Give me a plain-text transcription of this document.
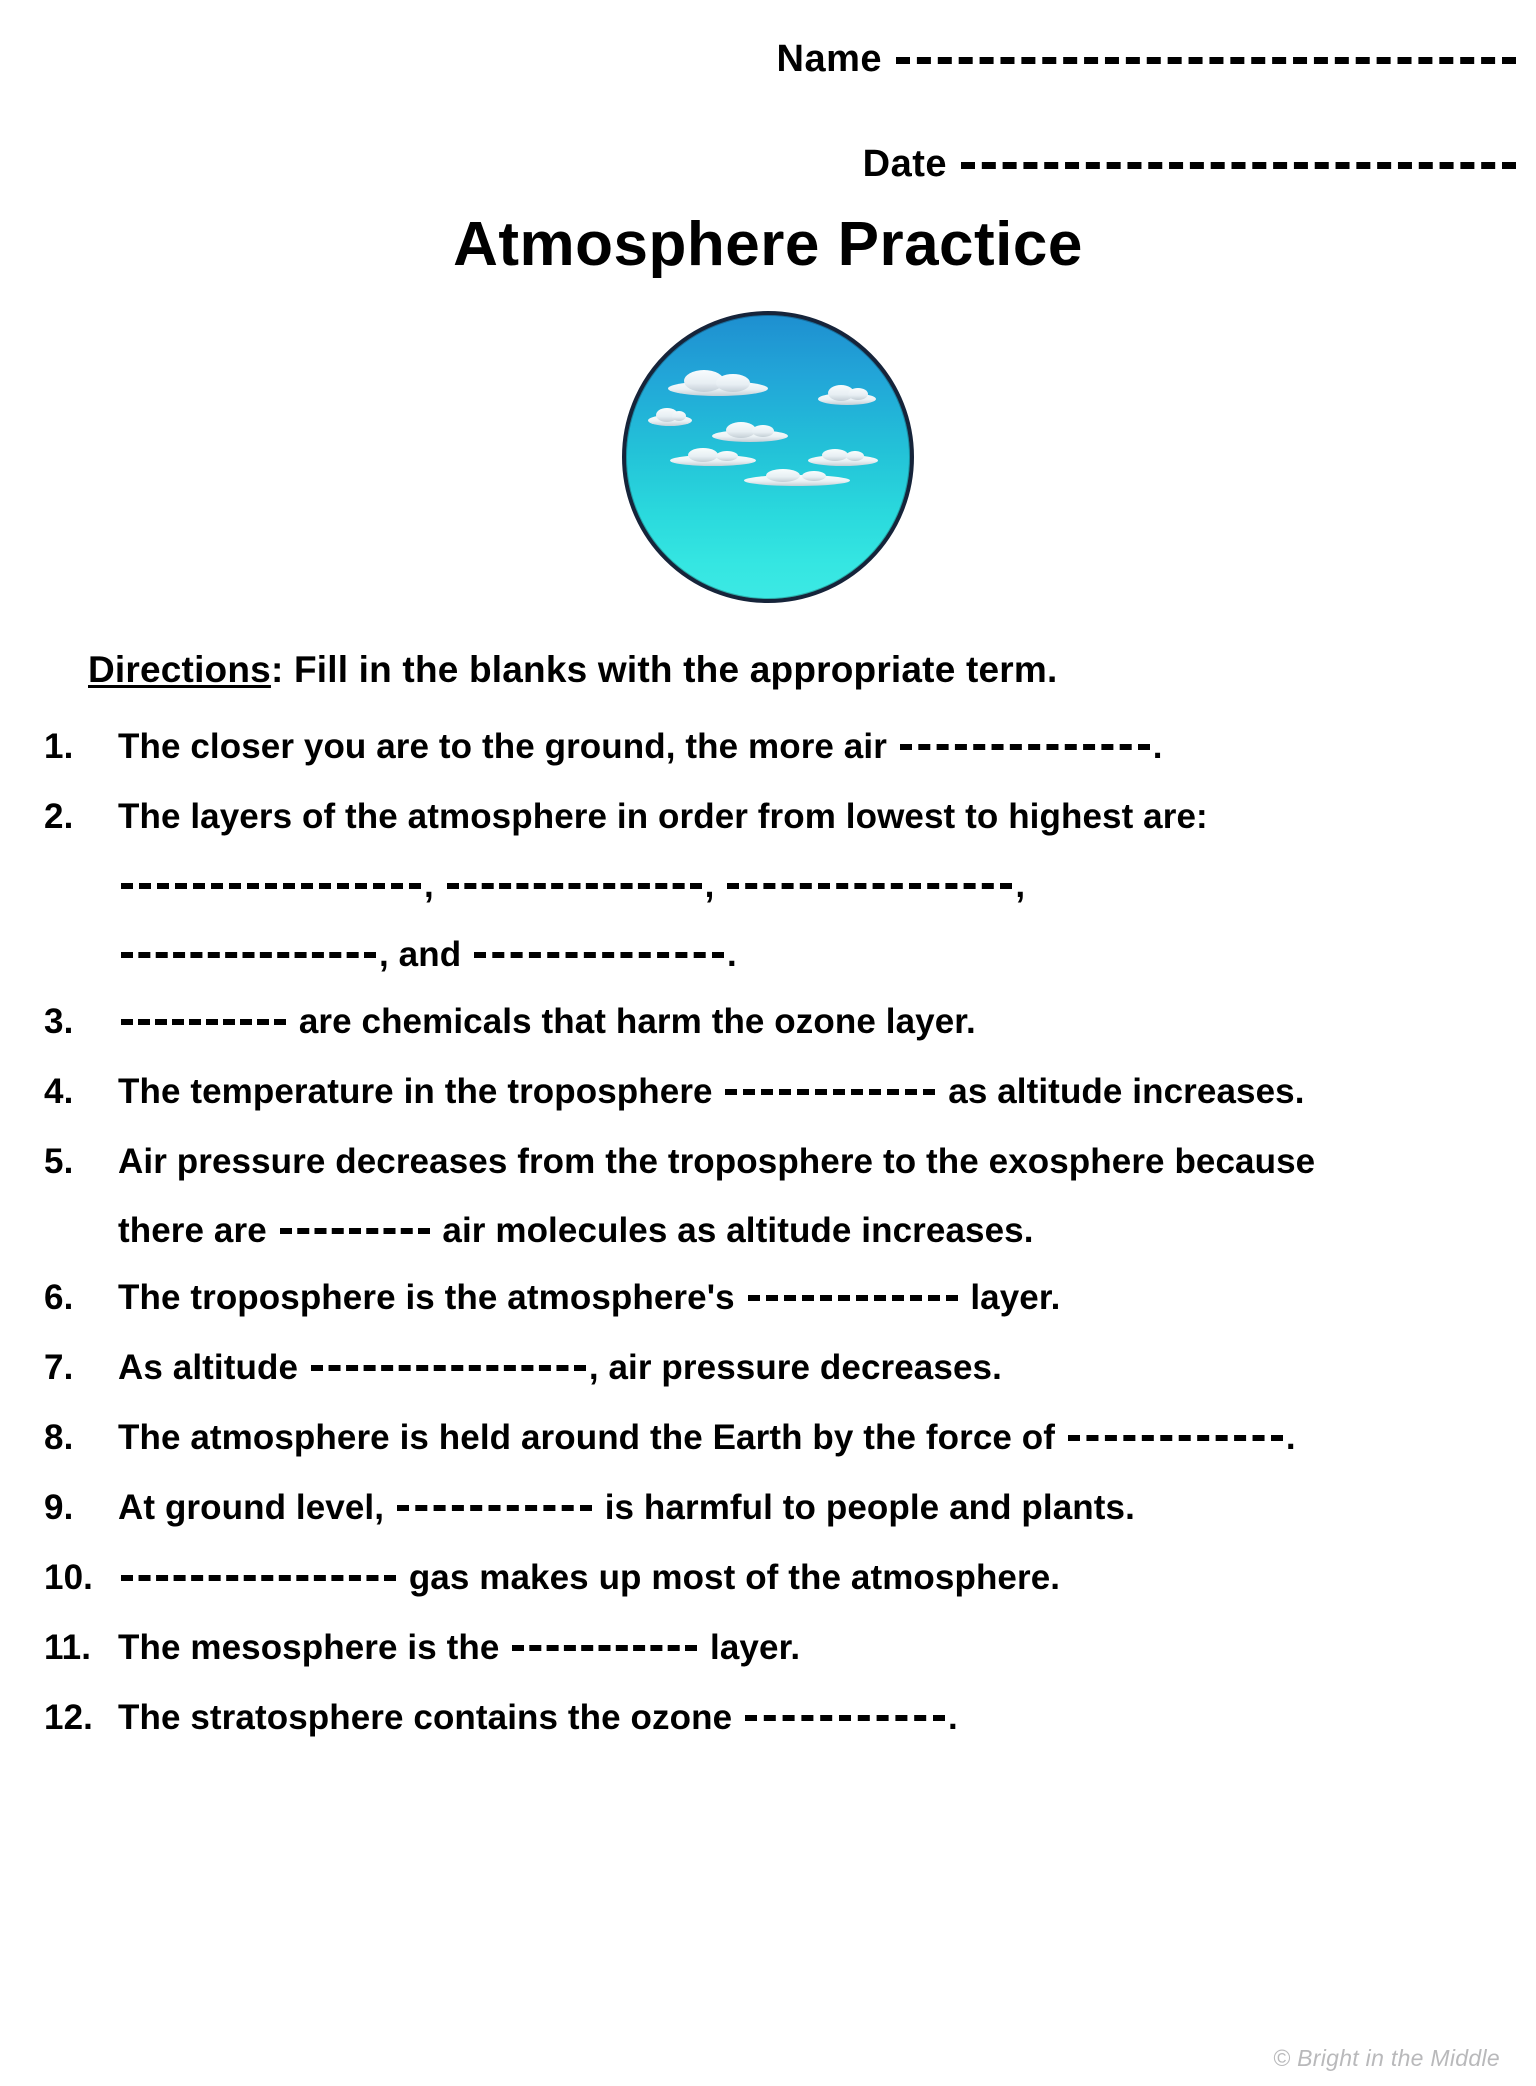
Name
Date
Atmosphere Practice
Directions: Fill in the blanks with the appropriate term.
1.	The closer you are to the ground, the more air	.
2.	The layers of the atmosphere in order from lowest to highest are:
,	,	,
, and	.
3.	are chemicals that harm the ozone layer.
4.	The temperature in the troposphere	as altitude increases.
5.	Air pressure decreases from the troposphere to the exosphere because
there are	air molecules as altitude increases.
6.	The troposphere is the atmosphere's	layer.
7.	As altitude	, air pressure decreases.
8.	The atmosphere is held around the Earth by the force of	.
9.	At ground level,	is harmful to people and plants.
10.	gas makes up most of the atmosphere.
11. The mesosphere is the	layer.
12. The stratosphere contains the ozone	.
© Bright in the Middle
